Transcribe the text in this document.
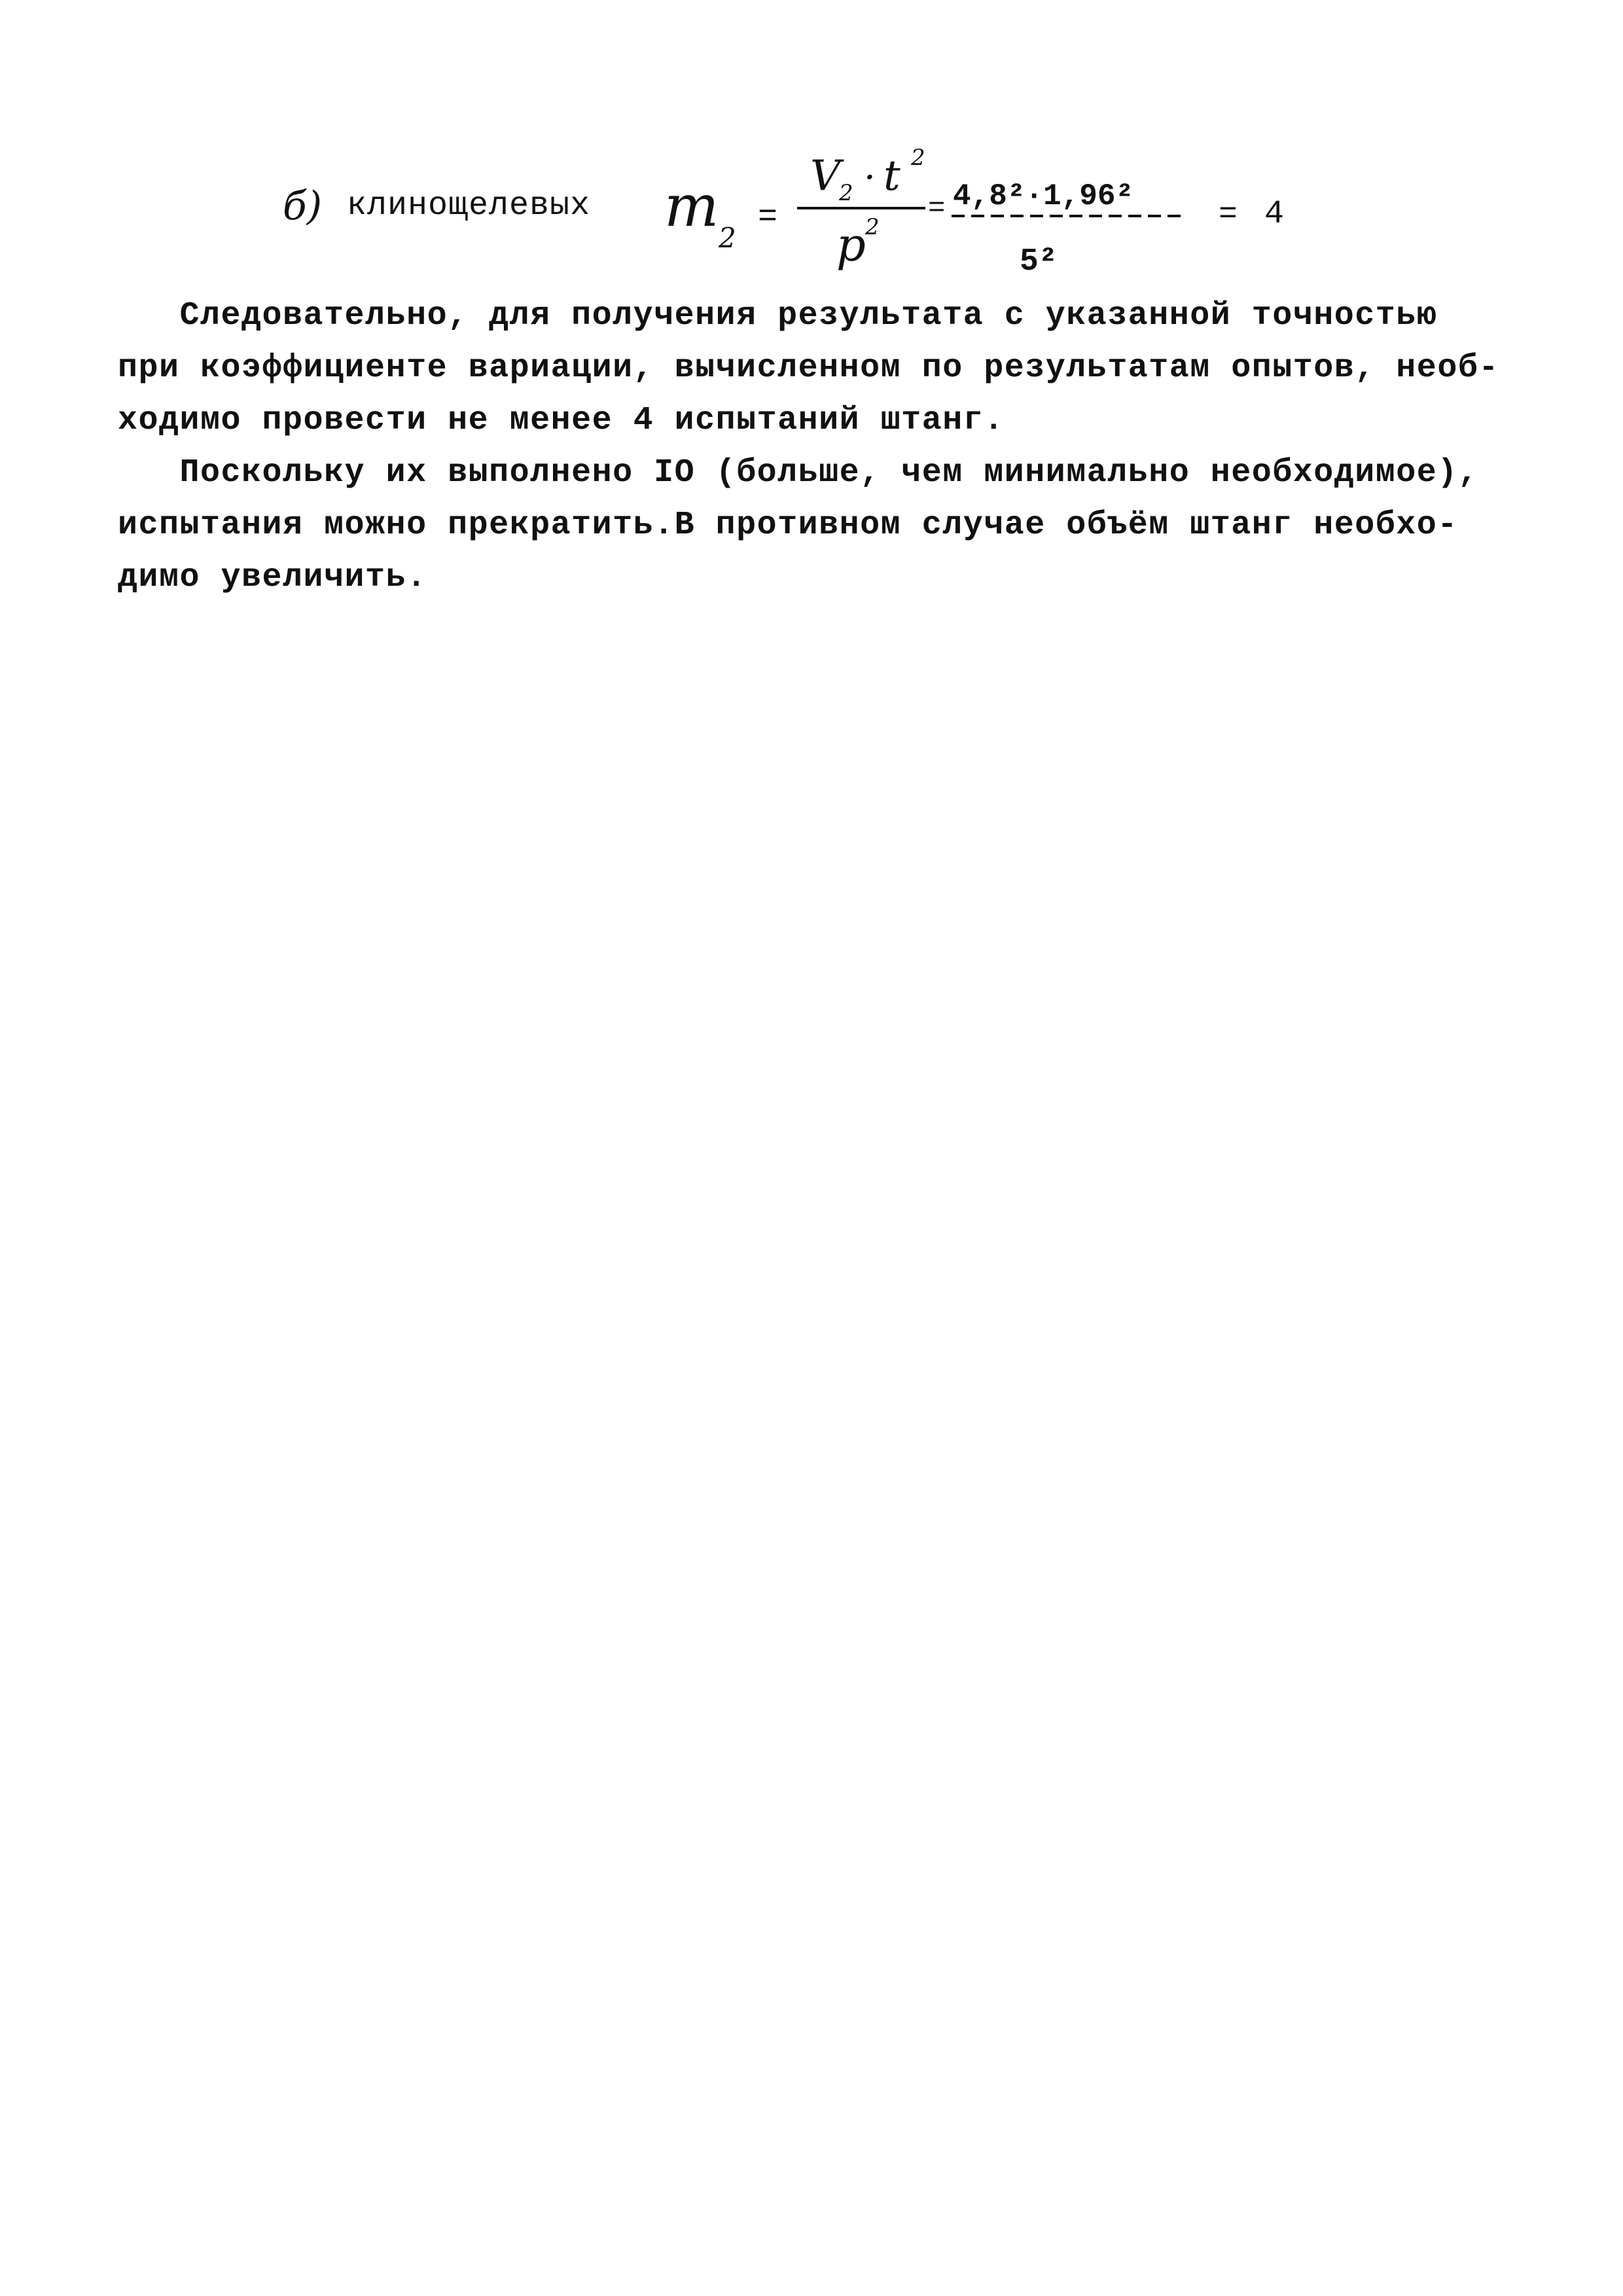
б) клинощелевых m 2
=
V
2 · t 2
p 2
= 4,8²·1,96²
5²
= 4
Следовательно, для получения результата с указанной точностью
при коэффициенте вариации, вычисленном по результатам опытов, необ-
ходимо провести не менее 4 испытаний штанг.
Поскольку их выполнено IO (больше, чем минимально необходимое),
испытания можно прекратить.В противном случае объём штанг необхо-
димо увеличить.
